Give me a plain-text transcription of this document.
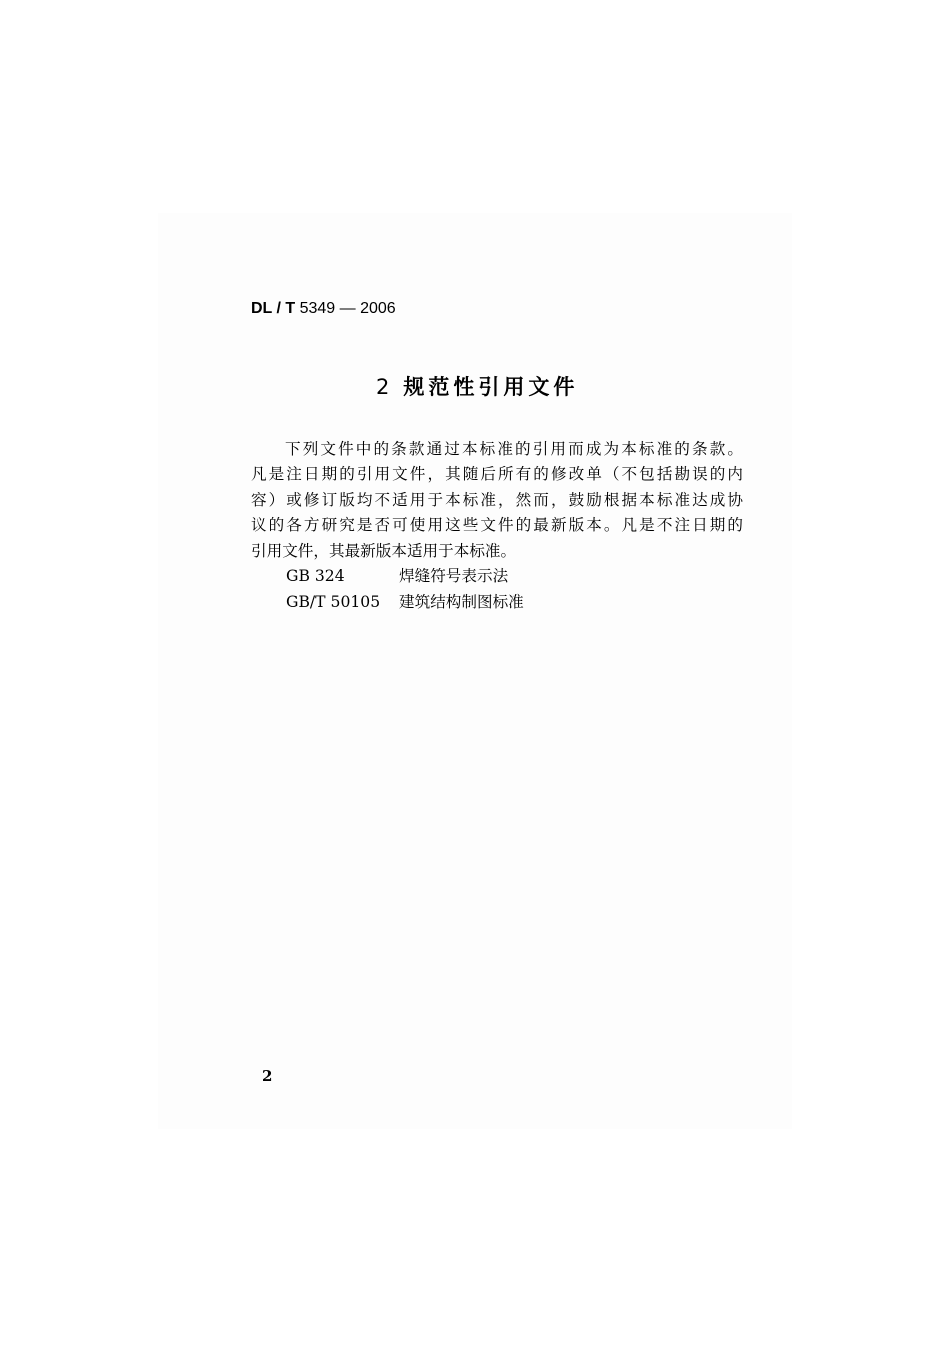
DL / T 5349 — 2006
2 规范性引用文件

下列文件中的条款通过本标准的引用而成为本标准的条款。
凡是注日期的引用文件，其随后所有的修改单（不包括勘误的内
容）或修订版均不适用于本标准，然而，鼓励根据本标准达成协
议的各方研究是否可使用这些文件的最新版本。凡是不注日期的
引用文件，其最新版本适用于本标准。

GB 324	焊缝符号表示法
GB/T 50105	建筑结构制图标准
2
